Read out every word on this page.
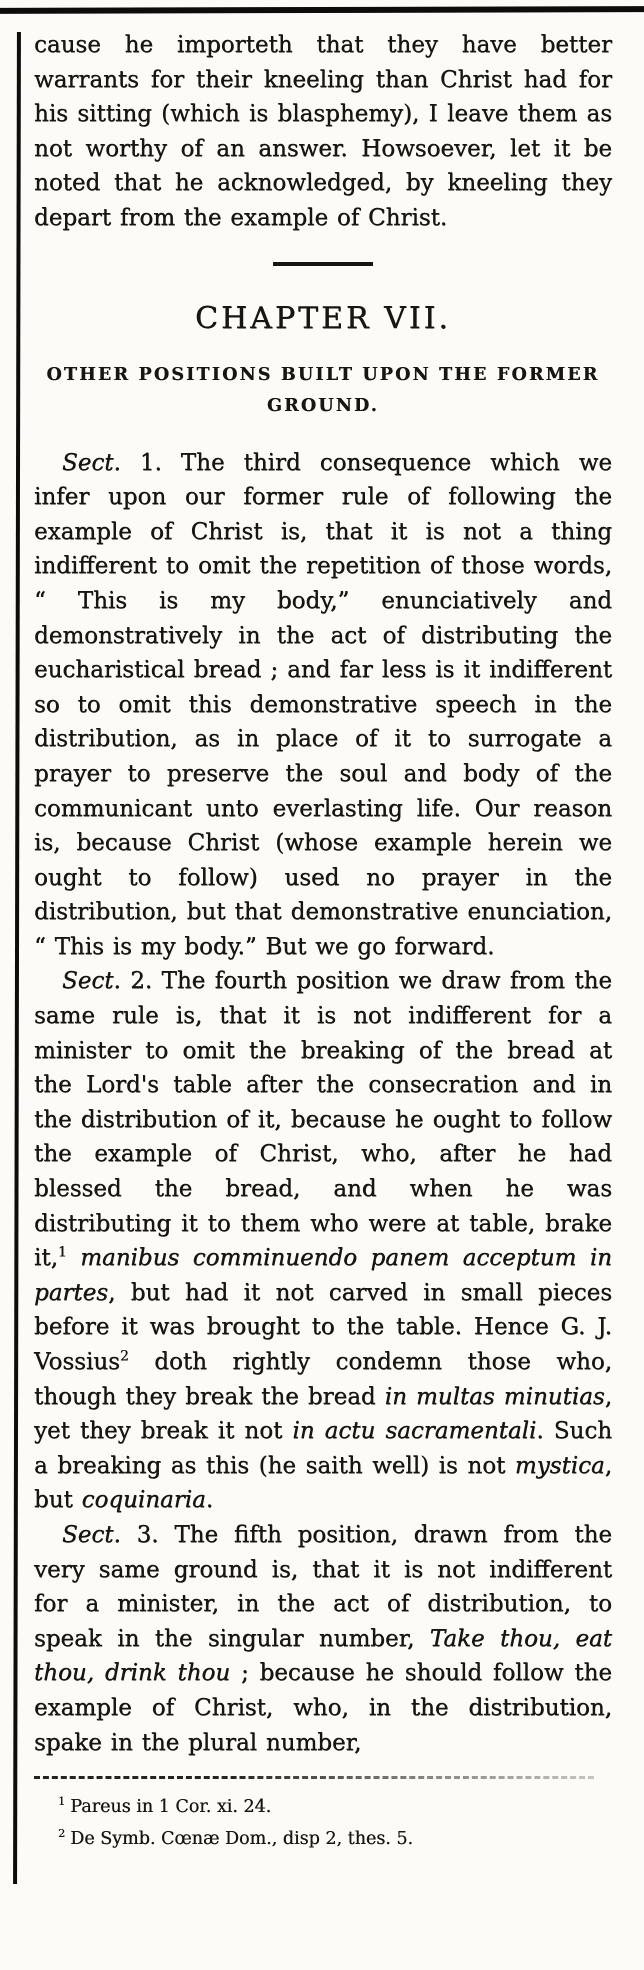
cause he importeth that they have better warrants for their kneeling than Christ had for his sitting (which is blasphemy), I leave them as not worthy of an answer. Howsoever, let it be noted that he acknowledged, by kneeling they depart from the example of Christ.

CHAPTER VII.
OTHER POSITIONS BUILT UPON THE FORMER
GROUND.

Sect. 1. The third consequence which we infer upon our former rule of following the example of Christ is, that it is not a thing indifferent to omit the repetition of those words, “ This is my body,” enunciatively and demonstratively in the act of distributing the eucharistical bread ; and far less is it indifferent so to omit this demonstrative speech in the distribution, as in place of it to surrogate a prayer to preserve the soul and body of the communicant unto everlasting life. Our reason is, because Christ (whose example herein we ought to follow) used no prayer in the distribution, but that demonstrative enunciation, “ This is my body.” But we go forward.

Sect. 2. The fourth position we draw from the same rule is, that it is not indifferent for a minister to omit the breaking of the bread at the Lord's table after the consecration and in the distribution of it, because he ought to follow the example of Christ, who, after he had blessed the bread, and when he was distributing it to them who were at table, brake it,$^1$ manibus comminuendo panem acceptum in partes, but had it not carved in small pieces before it was brought to the table. Hence G. J. Vossius$^2$ doth rightly condemn those who, though they break the bread in multas minutias, yet they break it not in actu sacramentali. Such a breaking as this (he saith well) is not mystica, but coquinaria.

Sect. 3. The fifth position, drawn from the very same ground is, that it is not indifferent for a minister, in the act of distribution, to speak in the singular number, Take thou, eat thou, drink thou ; because he should follow the example of Christ, who, in the distribution, spake in the plural number,

$^1$ Pareus in 1 Cor. xi. 24.

$^2$ De Symb. Cœnæ Dom., disp 2, thes. 5.
